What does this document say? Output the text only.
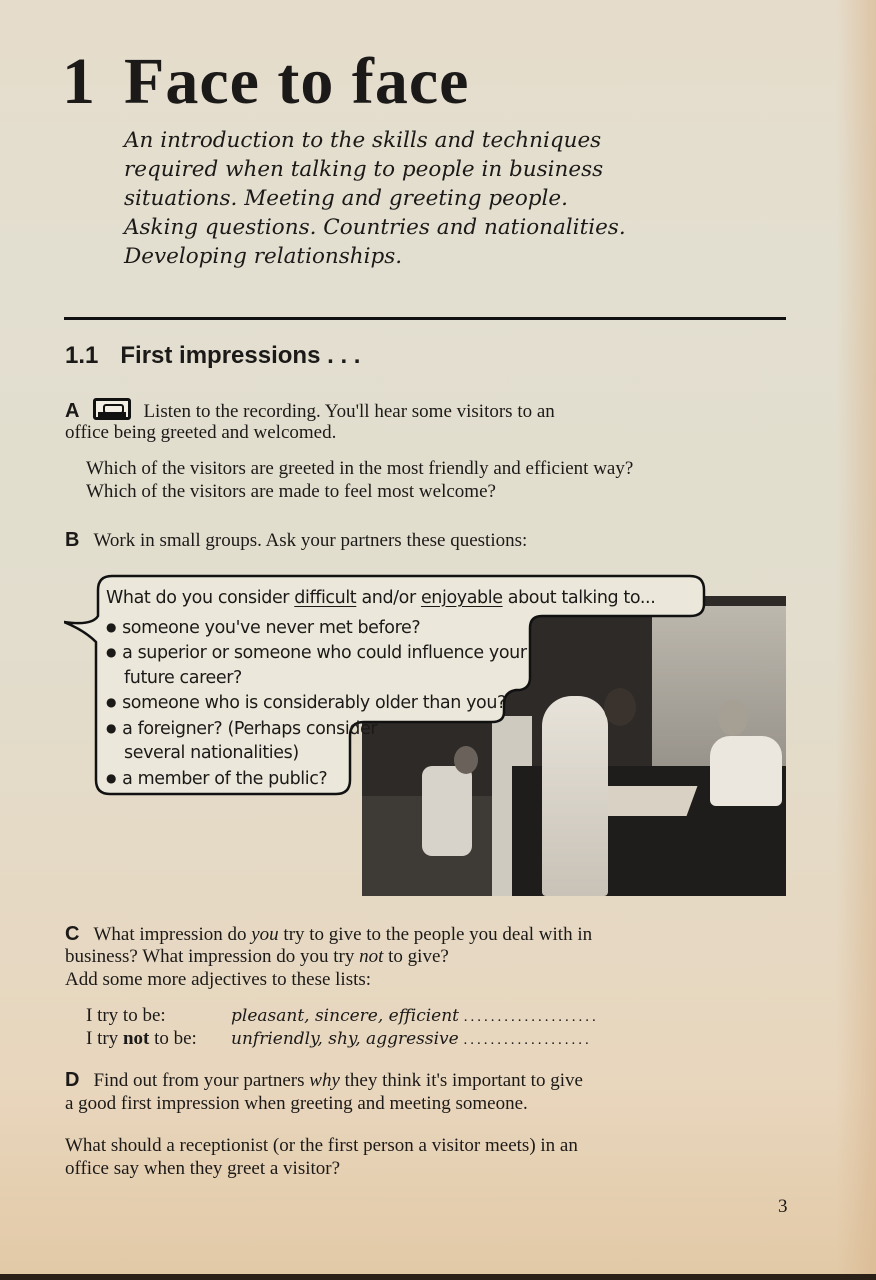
1 Face to face
An introduction to the skills and techniques
required when talking to people in business
situations. Meeting and greeting people.
Asking questions. Countries and nationalities.
Developing relationships.
1.1 First impressions . . .
A	Listen to the recording. You'll hear some visitors to an
office being greeted and welcomed.
Which of the visitors are greeted in the most friendly and efficient way?
Which of the visitors are made to feel most welcome?
B Work in small groups. Ask your partners these questions:
What do you consider difficult and/or enjoyable about talking to...
● someone you've never met before?
● a superior or someone who could influence your
future career?
● someone who is considerably older than you?
● a foreigner? (Perhaps consider
several nationalities)
● a member of the public?
C What impression do you try to give to the people you deal with in
business? What impression do you try not to give?
Add some more adjectives to these lists:
I try to be:	pleasant, sincere, efficient ....................
I try not to be: unfriendly, shy, aggressive ...................
D Find out from your partners why they think it's important to give
a good first impression when greeting and meeting someone.
What should a receptionist (or the first person a visitor meets) in an
office say when they greet a visitor?
3
